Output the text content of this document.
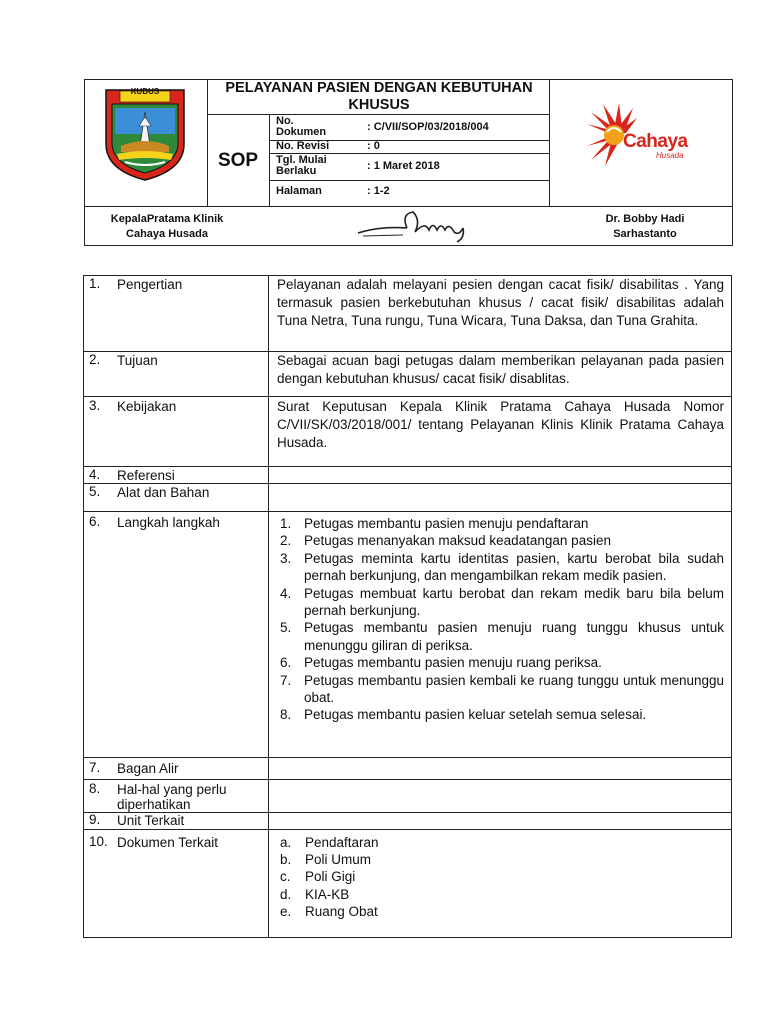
KUDUS	PELAYANAN PASIEN DENGAN KEBUTUHAN KHUSUS
SOP
No. Dokumen	: C/VII/SOP/03/2018/004
No. Revisi	: 0
Tgl. Mulai Berlaku	: 1 Maret 2018
Halaman	: 1-2
Cahaya
Husada
KepalaPratama Klinik Cahaya Husada
Dr. Bobby Hadi Sarhastanto
1. Pengertian	Pelayanan adalah melayani pesien dengan cacat fisik/ disabilitas . Yang termasuk pasien berkebutuhan khusus / cacat fisik/ disabilitas adalah Tuna Netra, Tuna rungu, Tuna Wicara, Tuna Daksa, dan Tuna Grahita.
2. Tujuan	Sebagai acuan bagi petugas dalam memberikan pelayanan pada pasien dengan kebutuhan khusus/ cacat fisik/ disablitas.
3. Kebijakan	Surat Keputusan Kepala Klinik Pratama Cahaya Husada Nomor C/VII/SK/03/2018/001/ tentang Pelayanan Klinis Klinik Pratama Cahaya Husada.
4. Referensi
5. Alat dan Bahan
6. Langkah langkah	1. Petugas membantu pasien menuju pendaftaran
2. Petugas menanyakan maksud keadatangan pasien
3. Petugas meminta kartu identitas pasien, kartu berobat bila sudah pernah berkunjung, dan mengambilkan rekam medik pasien.
4. Petugas membuat kartu berobat dan rekam medik baru bila belum pernah berkunjung.
5. Petugas membantu pasien menuju ruang tunggu khusus untuk menunggu giliran di periksa.
6. Petugas membantu pasien menuju ruang periksa.
7. Petugas membantu pasien kembali ke ruang tunggu untuk menunggu obat.
8. Petugas membantu pasien keluar setelah semua selesai.
7. Bagan Alir
8. Hal-hal yang perlu diperhatikan
9. Unit Terkait
10. Dokumen Terkait	a. Pendaftaran
b. Poli Umum
c. Poli Gigi
d. KIA-KB
e. Ruang Obat
